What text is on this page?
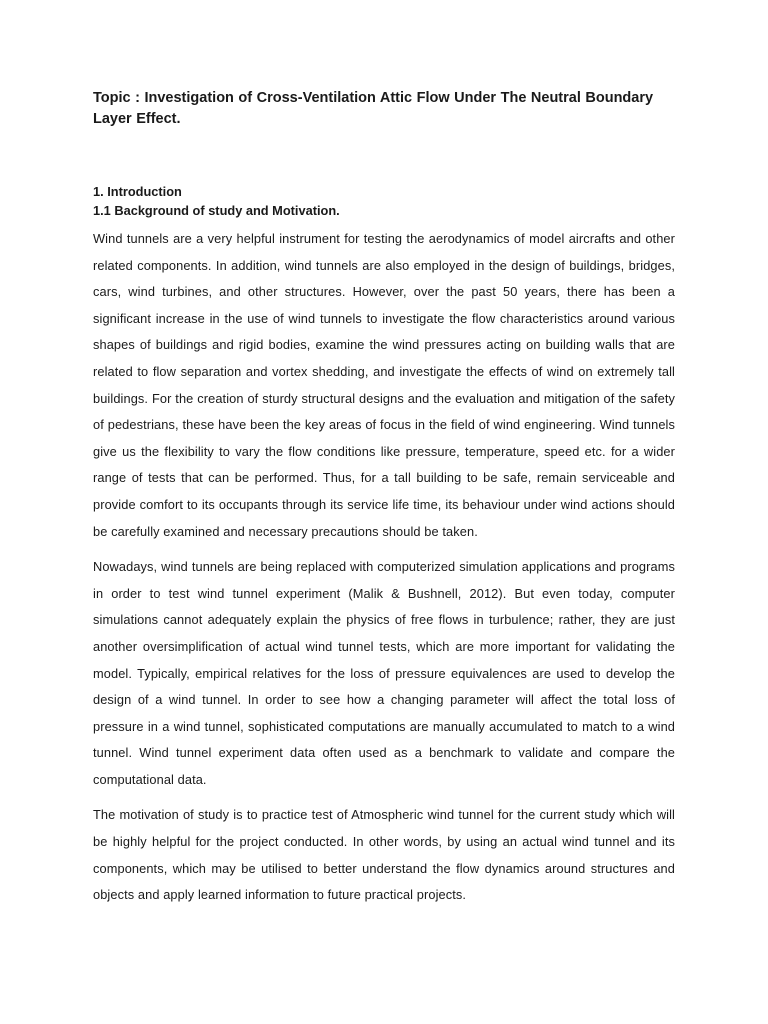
Topic : Investigation of Cross-Ventilation Attic Flow Under The Neutral Boundary Layer Effect.

1. Introduction

1.1 Background of study and Motivation.

Wind tunnels are a very helpful instrument for testing the aerodynamics of model aircrafts and other related components. In addition, wind tunnels are also employed in the design of buildings, bridges, cars, wind turbines, and other structures. However, over the past 50 years, there has been a significant increase in the use of wind tunnels to investigate the flow characteristics around various shapes of buildings and rigid bodies, examine the wind pressures acting on building walls that are related to flow separation and vortex shedding, and investigate the effects of wind on extremely tall buildings. For the creation of sturdy structural designs and the evaluation and mitigation of the safety of pedestrians, these have been the key areas of focus in the field of wind engineering. Wind tunnels give us the flexibility to vary the flow conditions like pressure, temperature, speed etc. for a wider range of tests that can be performed. Thus, for a tall building to be safe, remain serviceable and provide comfort to its occupants through its service life time, its behaviour under wind actions should be carefully examined and necessary precautions should be taken.

Nowadays, wind tunnels are being replaced with computerized simulation applications and programs in order to test wind tunnel experiment (Malik & Bushnell, 2012). But even today, computer simulations cannot adequately explain the physics of free flows in turbulence; rather, they are just another oversimplification of actual wind tunnel tests, which are more important for validating the model. Typically, empirical relatives for the loss of pressure equivalences are used to develop the design of a wind tunnel. In order to see how a changing parameter will affect the total loss of pressure in a wind tunnel, sophisticated computations are manually accumulated to match to a wind tunnel. Wind tunnel experiment data often used as a benchmark to validate and compare the computational data.

The motivation of study is to practice test of Atmospheric wind tunnel for the current study which will be highly helpful for the project conducted. In other words, by using an actual wind tunnel and its components, which may be utilised to better understand the flow dynamics around structures and objects and apply learned information to future practical projects.
